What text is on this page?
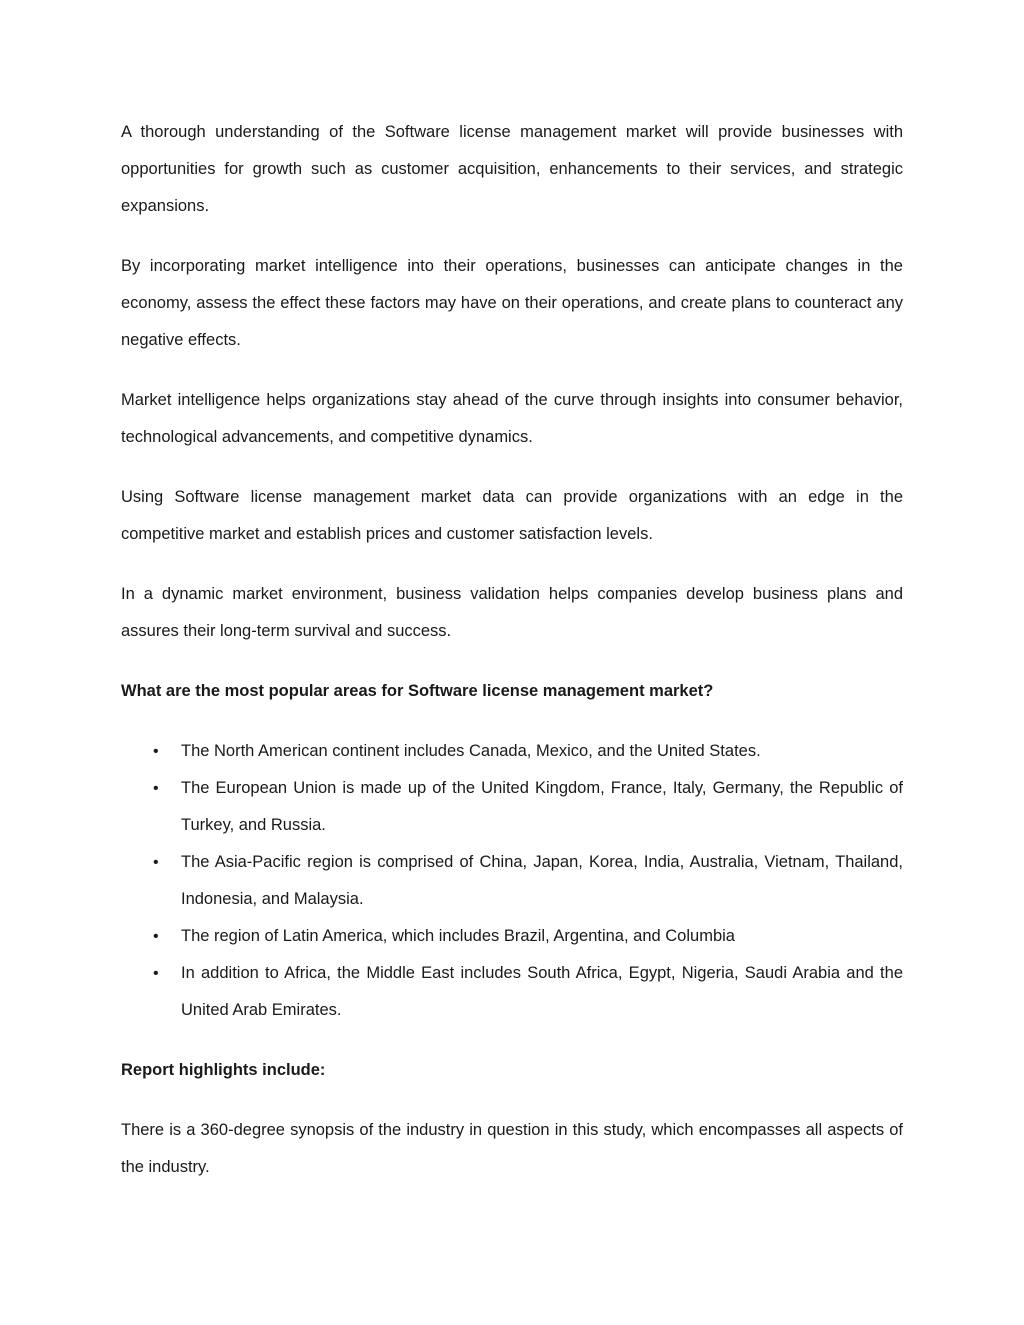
A thorough understanding of the Software license management market will provide businesses with opportunities for growth such as customer acquisition, enhancements to their services, and strategic expansions.

By incorporating market intelligence into their operations, businesses can anticipate changes in the economy, assess the effect these factors may have on their operations, and create plans to counteract any negative effects.

Market intelligence helps organizations stay ahead of the curve through insights into consumer behavior, technological advancements, and competitive dynamics.

Using Software license management market data can provide organizations with an edge in the competitive market and establish prices and customer satisfaction levels.

In a dynamic market environment, business validation helps companies develop business plans and assures their long-term survival and success.

What are the most popular areas for Software license management market?

• The North American continent includes Canada, Mexico, and the United States.
• The European Union is made up of the United Kingdom, France, Italy, Germany, the Republic of Turkey, and Russia.
• The Asia-Pacific region is comprised of China, Japan, Korea, India, Australia, Vietnam, Thailand, Indonesia, and Malaysia.
• The region of Latin America, which includes Brazil, Argentina, and Columbia
• In addition to Africa, the Middle East includes South Africa, Egypt, Nigeria, Saudi Arabia and the United Arab Emirates.

Report highlights include:

There is a 360-degree synopsis of the industry in question in this study, which encompasses all aspects of the industry.
